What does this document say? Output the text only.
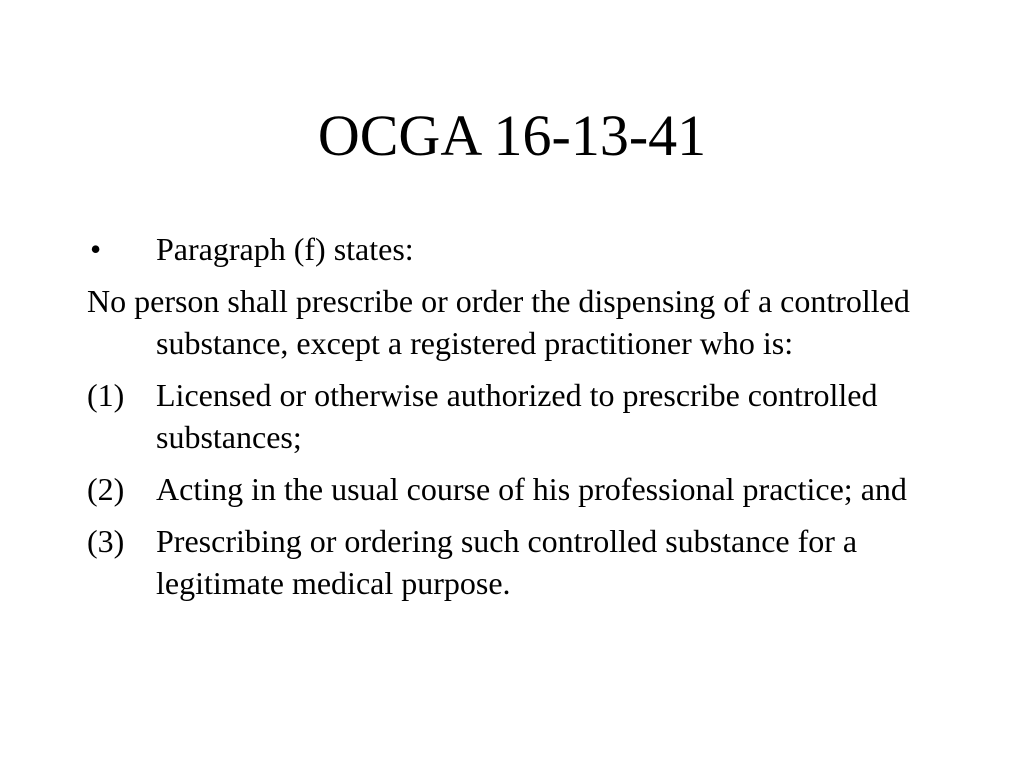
OCGA 16-13-41
•	Paragraph (f) states:
No person shall prescribe or order the dispensing of a controlled substance, except a registered practitioner who is:
(1) Licensed or otherwise authorized to prescribe controlled substances;
(2) Acting in the usual course of his professional practice; and
(3) Prescribing or ordering such controlled substance for a legitimate medical purpose.
